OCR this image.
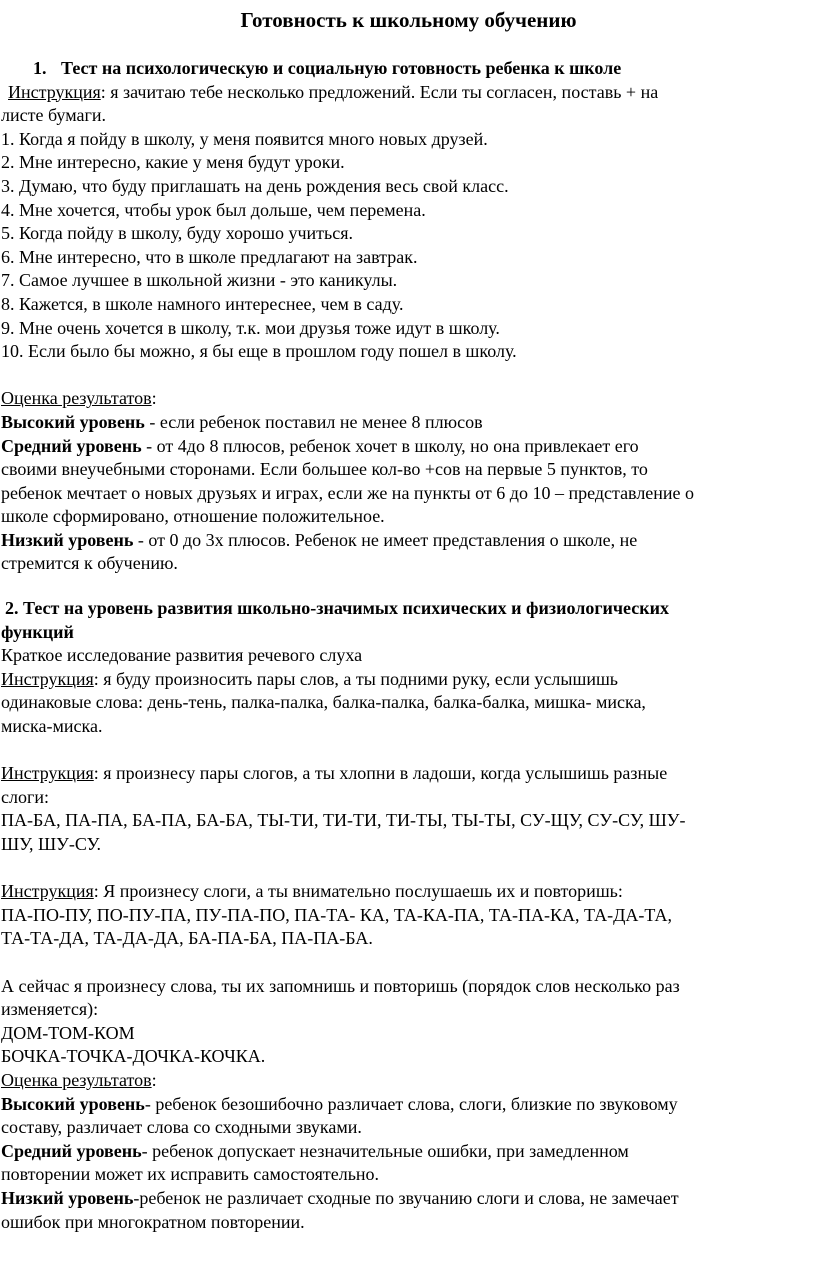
Готовность к школьному обучению
1. Тест на психологическую и социальную готовность ребенка к школе
Инструкция: я зачитаю тебе несколько предложений. Если ты согласен, поставь + на
листе бумаги.
1. Когда я пойду в школу, у меня появится много новых друзей.
2. Мне интересно, какие у меня будут уроки.
3. Думаю, что буду приглашать на день рождения весь свой класс.
4. Мне хочется, чтобы урок был дольше, чем перемена.
5. Когда пойду в школу, буду хорошо учиться.
6. Мне интересно, что в школе предлагают на завтрак.
7. Самое лучшее в школьной жизни - это каникулы.
8. Кажется, в школе намного интереснее, чем в саду.
9. Мне очень хочется в школу, т.к. мои друзья тоже идут в школу.
10. Если было бы можно, я бы еще в прошлом году пошел в школу.
Оценка результатов:
Высокий уровень - если ребенок поставил не менее 8 плюсов
Средний уровень - от 4до 8 плюсов, ребенок хочет в школу, но она привлекает его
своими внеучебными сторонами. Если большее кол-во +сов на первые 5 пунктов, то
ребенок мечтает о новых друзьях и играх, если же на пункты от 6 до 10 – представление о
школе сформировано, отношение положительное.
Низкий уровень - от 0 до 3х плюсов. Ребенок не имеет представления о школе, не
стремится к обучению.
2. Тест на уровень развития школьно-значимых психических и физиологических
функций
Краткое исследование развития речевого слуха
Инструкция: я буду произносить пары слов, а ты подними руку, если услышишь
одинаковые слова: день-тень, палка-палка, балка-палка, балка-балка, мишка- миска,
миска-миска.
Инструкция: я произнесу пары слогов, а ты хлопни в ладоши, когда услышишь разные
слоги:
ПА-БА, ПА-ПА, БА-ПА, БА-БА, ТЫ-ТИ, ТИ-ТИ, ТИ-ТЫ, ТЫ-ТЫ, СУ-ЩУ, СУ-СУ, ШУ-
ШУ, ШУ-СУ.
Инструкция: Я произнесу слоги, а ты внимательно послушаешь их и повторишь:
ПА-ПО-ПУ, ПО-ПУ-ПА, ПУ-ПА-ПО, ПА-ТА- КА, ТА-КА-ПА, ТА-ПА-КА, ТА-ДА-ТА,
ТА-ТА-ДА, ТА-ДА-ДА, БА-ПА-БА, ПА-ПА-БА.
А сейчас я произнесу слова, ты их запомнишь и повторишь (порядок слов несколько раз
изменяется):
ДОМ-ТОМ-КОМ
БОЧКА-ТОЧКА-ДОЧКА-КОЧКА.
Оценка результатов:
Высокий уровень- ребенок безошибочно различает слова, слоги, близкие по звуковому
составу, различает слова со сходными звуками.
Средний уровень- ребенок допускает незначительные ошибки, при замедленном
повторении может их исправить самостоятельно.
Низкий уровень-ребенок не различает сходные по звучанию слоги и слова, не замечает
ошибок при многократном повторении.
